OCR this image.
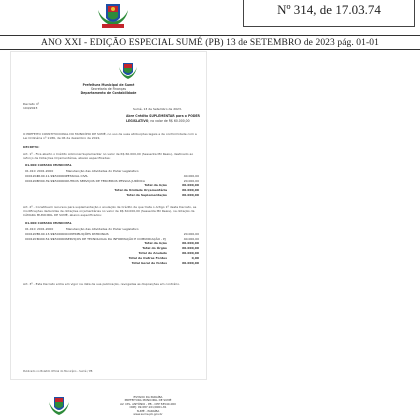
Nº 314, de 17.03.74
ANO XXI - EDIÇÃO ESPECIAL SUMÉ (PB) 13 de SETEMBRO de 2023 pág. 01-01
Prefeitura Municipal de Sumé
Secretaria de Finanças
Departamento de Contabilidade
Decreto nº
104/2023	Sumé, 13 de Setembro de 2023.
Abre Crédito SUPLEMENTAR para o PODER LEGISLATIVO, no valor de R$ 60.000,00
O PREFEITO CONSTITUCIONAL DO MUNICÍPIO DE SUMÉ, no uso de suas atribuições legais e de conformidade com a Lei Ordinária nº 1186, de 06 de dezembro de 2022,
DECRETA:
Art. 1º - Fica aberto o Crédito Adicional Suplementar no valor de R$ 60.000,00 (Sessenta Mil Reais), destinado ao reforço de Dotações Orçamentárias, abaixo especificadas:
01.000 CAMARA MUNICIPAL
Art. 2º - Constituem recursos para suplementação o anulação de Crédito de que trata o Artigo 1º deste Decreto, as modificações deduzidas de dotações orçamentárias no valor de R$ 60.000,00 (Sessenta Mil Reais), na dotação da CÂMARA MUNICIPAL DE SUMÉ, abaixo especificados:
01.000 CAMARA MUNICIPAL
Art. 3º - Este Decreto entra em vigor na data de sua publicação, revogadas as disposições em contrário.
Publicado no Boletim Oficial do Município - Sumé / PB
01.010 2001.2000	Manutenção das Atividades do Poder Legislativo
0001204
3190.11.99
1500000 PESSOAL CIVIL	40.000,00
0001206
3390.39.99
1500000 OUTROS SERVIÇOS DE TERCEIROS PESSOA JURÍDICA	20.000,00
Total da Ação	60.000,00
Total da Unidade Orçamentária	60.000,00
Total da Suplementação	60.000,00
01.010 2001.2000	Manutenção das Atividades do Poder Legislativo
0001205
3190.13.99
1500000 CONTRIBUIÇÕES PATRONAIS	20.000,00
0001207
4490.52.99
1500000 SERVIÇOS DE TECNOLOGIA DA INFORMAÇÃO E COMUNICAÇÃO - PJ	40.000,00
Total da Ação	60.000,00
Total do Órgão	60.000,00
Total do Anulado	60.000,00
Total de Outras Fontes	0,00
Total Geral de fontes	60.000,00
ESTADO DA PARAÍBA
PREFEITURA MUNICIPAL DE SUMÉ
AV. CEL. ANTÔNIO - PB - CEP 58540-000
CNPJ: 09.087.101/0001-81
SUMÉ - PARAÍBA
www.sume.pb.gov.br
